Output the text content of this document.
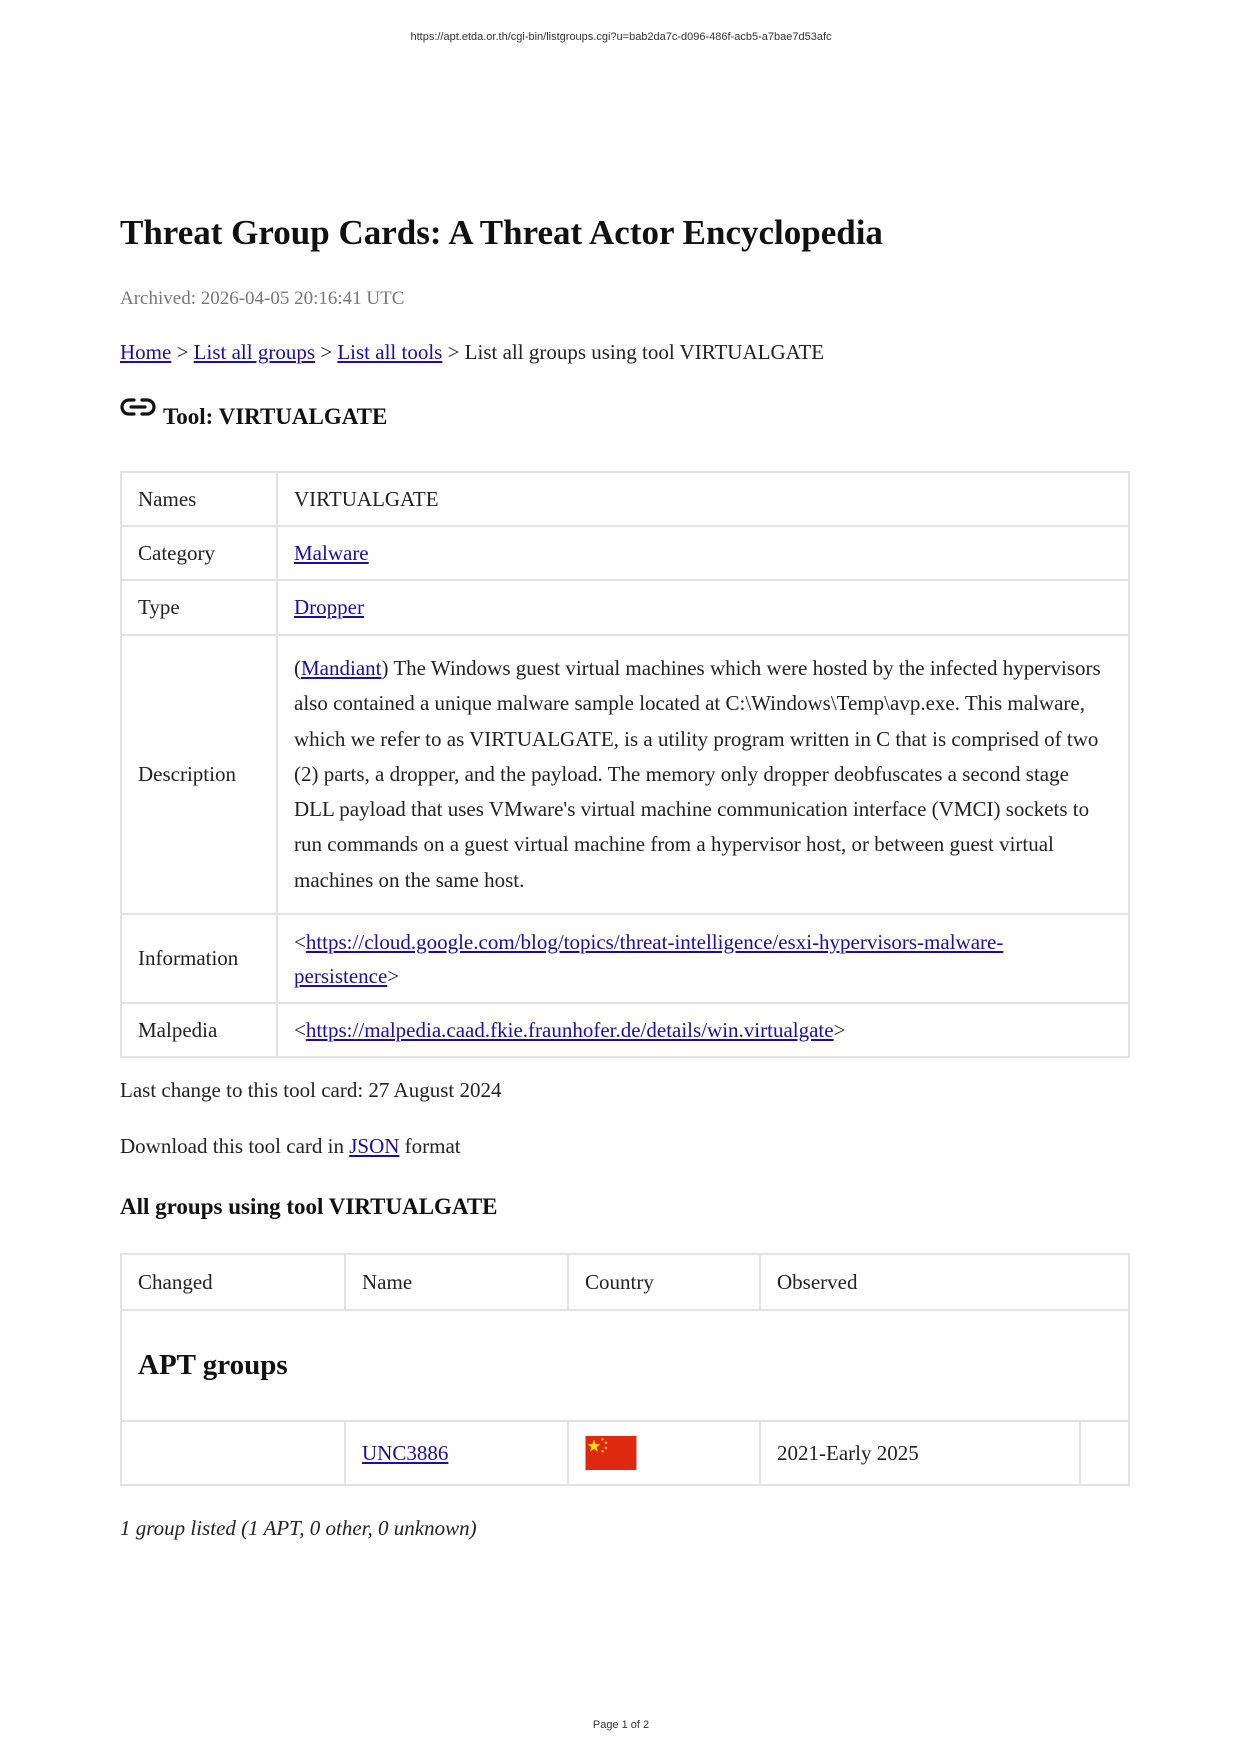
https://apt.etda.or.th/cgi-bin/listgroups.cgi?u=bab2da7c-d096-486f-acb5-a7bae7d53afc
Threat Group Cards: A Threat Actor Encyclopedia
Archived: 2026-04-05 20:16:41 UTC
Home > List all groups > List all tools > List all groups using tool VIRTUALGATE
Tool: VIRTUALGATE
Names	VIRTUALGATE
Category	Malware
Type	Dropper
Description	(Mandiant) The Windows guest virtual machines which were hosted by the infected hypervisors also contained a unique malware sample located at C:\Windows\Temp\avp.exe. This malware, which we refer to as VIRTUALGATE, is a utility program written in C that is comprised of two (2) parts, a dropper, and the payload. The memory only dropper deobfuscates a second stage DLL payload that uses VMware's virtual machine communication interface (VMCI) sockets to run commands on a guest virtual machine from a hypervisor host, or between guest virtual machines on the same host.
Information	<https://cloud.google.com/blog/topics/threat-intelligence/esxi-hypervisors-malware-
persistence>
Malpedia	<https://malpedia.caad.fkie.fraunhofer.de/details/win.virtualgate>
Last change to this tool card: 27 August 2024
Download this tool card in JSON format
All groups using tool VIRTUALGATE
Changed	Name	Country	Observed	
APT groups				
	UNC3886		2021-Early 2025	
1 group listed (1 APT, 0 other, 0 unknown)
Page 1 of 2
